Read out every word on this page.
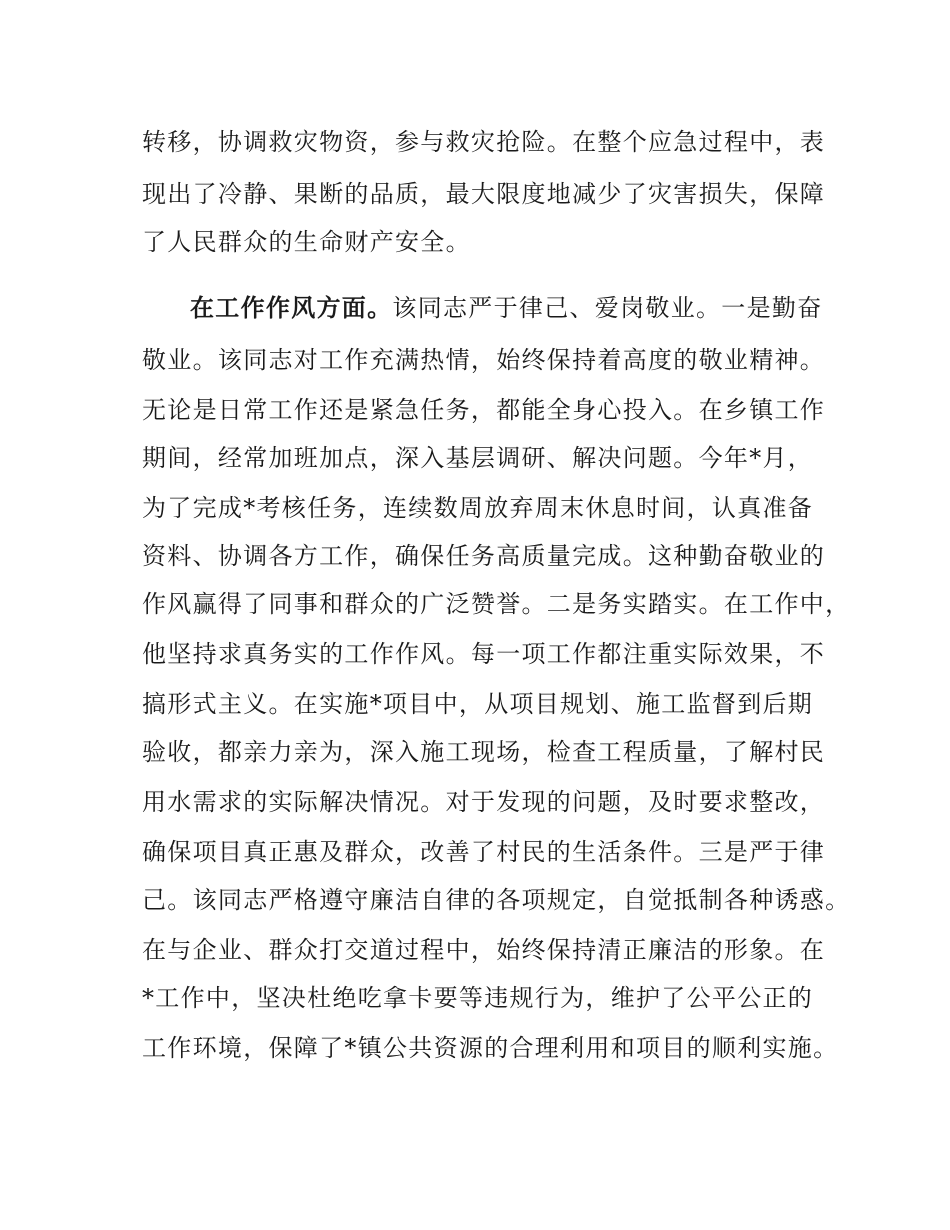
转移，协调救灾物资，参与救灾抢险。在整个应急过程中，表
现出了冷静、果断的品质，最大限度地减少了灾害损失，保障
了人民群众的生命财产安全。
在工作作风方面。该同志严于律己、爱岗敬业。一是勤奋
敬业。该同志对工作充满热情，始终保持着高度的敬业精神。
无论是日常工作还是紧急任务，都能全身心投入。在乡镇工作
期间，经常加班加点，深入基层调研、解决问题。今年*月，
为了完成*考核任务，连续数周放弃周末休息时间，认真准备
资料、协调各方工作，确保任务高质量完成。这种勤奋敬业的
作风赢得了同事和群众的广泛赞誉。二是务实踏实。在工作中，
他坚持求真务实的工作作风。每一项工作都注重实际效果，不
搞形式主义。在实施*项目中，从项目规划、施工监督到后期
验收，都亲力亲为，深入施工现场，检查工程质量，了解村民
用水需求的实际解决情况。对于发现的问题，及时要求整改，
确保项目真正惠及群众，改善了村民的生活条件。三是严于律
己。该同志严格遵守廉洁自律的各项规定，自觉抵制各种诱惑。
在与企业、群众打交道过程中，始终保持清正廉洁的形象。在
*工作中，坚决杜绝吃拿卡要等违规行为，维护了公平公正的
工作环境，保障了*镇公共资源的合理利用和项目的顺利实施。
